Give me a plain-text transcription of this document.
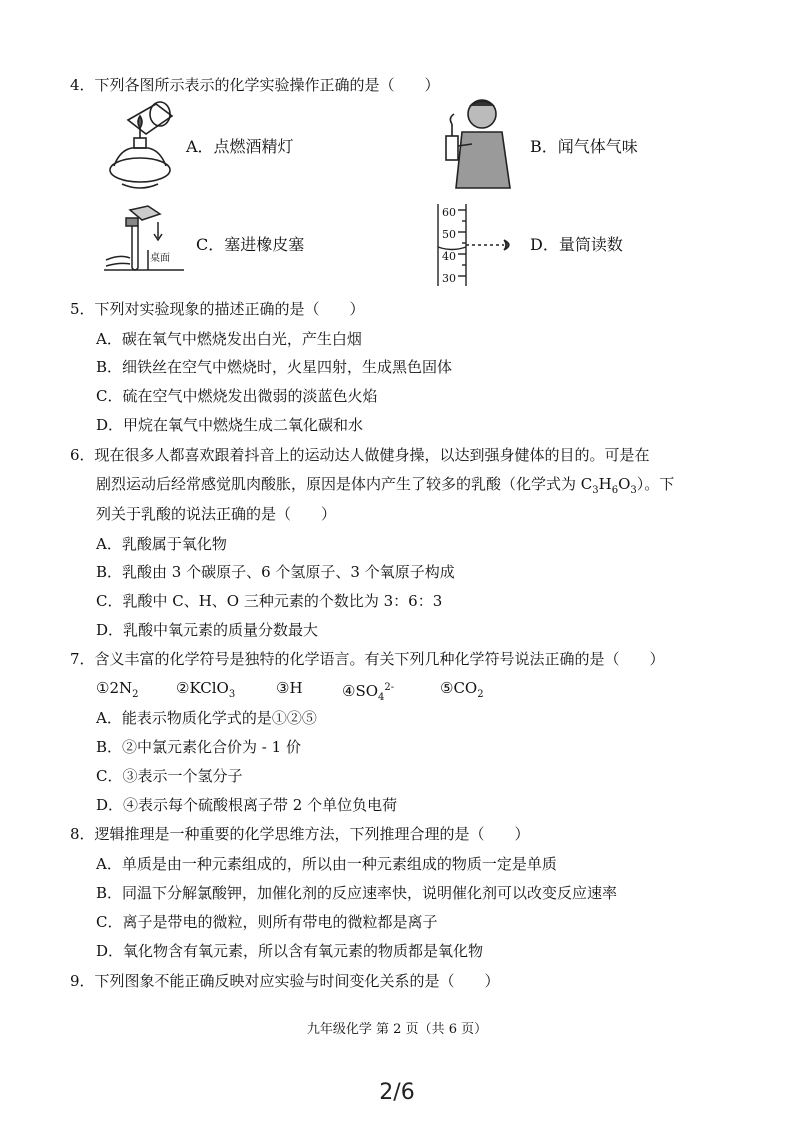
4．下列各图所示表示的化学实验操作正确的是（　　）
A．点燃酒精灯	B．闻气体气味
桌面
C．塞进橡皮塞
60
50
40
30
D．量筒读数
5．下列对实验现象的描述正确的是（　　）
A．碳在氧气中燃烧发出白光，产生白烟
B．细铁丝在空气中燃烧时，火星四射，生成黑色固体
C．硫在空气中燃烧发出微弱的淡蓝色火焰
D．甲烷在氧气中燃烧生成二氧化碳和水
6．现在很多人都喜欢跟着抖音上的运动达人做健身操，以达到强身健体的目的。可是在
剧烈运动后经常感觉肌肉酸胀，原因是体内产生了较多的乳酸（化学式为 $C_3H_6O_3$）。下
列关于乳酸的说法正确的是（　　）
A．乳酸属于氧化物
B．乳酸由 3 个碳原子、6 个氢原子、3 个氧原子构成
C．乳酸中 C、H、O 三种元素的个数比为 3：6：3
D．乳酸中氧元素的质量分数最大
7．含义丰富的化学符号是独特的化学语言。有关下列几种化学符号说法正确的是（　　）
$①2N_2$	②KClO$_3$	③H	$④SO_4^{2-}$	$⑤CO_2$
A．能表示物质化学式的是①②⑤
B．②中氯元素化合价为 - 1 价
C．③表示一个氢分子
D．④表示每个硫酸根离子带 2 个单位负电荷
8．逻辑推理是一种重要的化学思维方法，下列推理合理的是（　　）
A．单质是由一种元素组成的，所以由一种元素组成的物质一定是单质
B．同温下分解氯酸钾，加催化剂的反应速率快，说明催化剂可以改变反应速率
C．离子是带电的微粒，则所有带电的微粒都是离子
D．氧化物含有氧元素，所以含有氧元素的物质都是氧化物
9．下列图象不能正确反映对应实验与时间变化关系的是（　　）
九年级化学 第 2 页（共 6 页）
2/6
